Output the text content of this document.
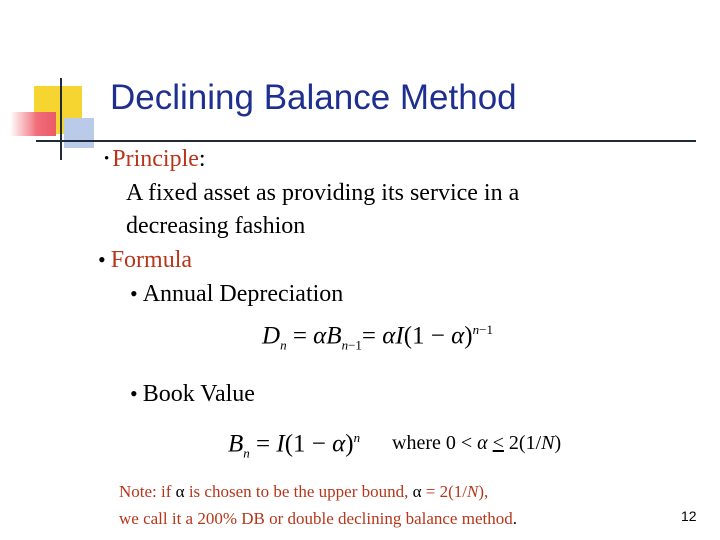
Declining Balance Method
• Principle:
A fixed asset as providing its service in a
decreasing fashion
• Formula
• Annual Depreciation
$D_n = \alpha B_{n-1}= \alpha I(1 - \alpha)^{n-1}$
• Book Value
$B_n = I(1 - \alpha)^n$ where 0 < α ≤ 2(1/N)
Note: if α is chosen to be the upper bound, α = 2(1/N),
we call it a 200% DB or double declining balance method.	12
